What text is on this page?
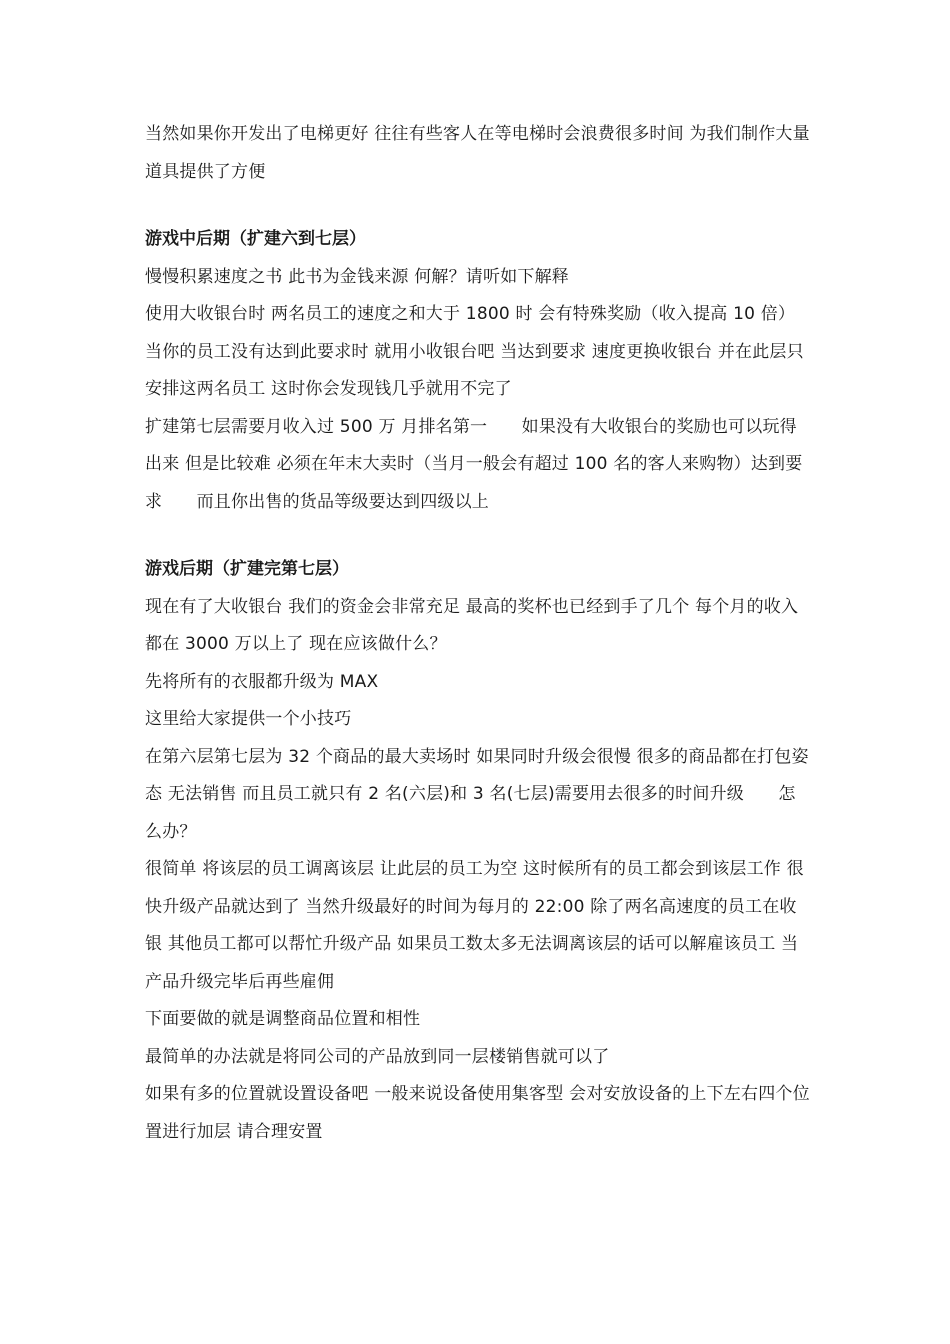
当然如果你开发出了电梯更好 往往有些客人在等电梯时会浪费很多时间 为我们制作大量道具提供了方便

游戏中后期（扩建六到七层）

慢慢积累速度之书 此书为金钱来源 何解？请听如下解释

使用大收银台时 两名员工的速度之和大于 1800 时 会有特殊奖励（收入提高 10 倍）

当你的员工没有达到此要求时 就用小收银台吧 当达到要求 速度更换收银台 并在此层只安排这两名员工 这时你会发现钱几乎就用不完了

扩建第七层需要月收入过 500 万 月排名第一　　如果没有大收银台的奖励也可以玩得出来 但是比较难 必须在年末大卖时（当月一般会有超过 100 名的客人来购物）达到要求　　而且你出售的货品等级要达到四级以上

游戏后期（扩建完第七层）

现在有了大收银台 我们的资金会非常充足 最高的奖杯也已经到手了几个 每个月的收入都在 3000 万以上了 现在应该做什么？

先将所有的衣服都升级为 MAX

这里给大家提供一个小技巧

在第六层第七层为 32 个商品的最大卖场时 如果同时升级会很慢 很多的商品都在打包姿态 无法销售 而且员工就只有 2 名(六层)和 3 名(七层)需要用去很多的时间升级　　怎么办？

很简单 将该层的员工调离该层 让此层的员工为空 这时候所有的员工都会到该层工作 很快升级产品就达到了 当然升级最好的时间为每月的 22:00 除了两名高速度的员工在收银 其他员工都可以帮忙升级产品 如果员工数太多无法调离该层的话可以解雇该员工 当产品升级完毕后再些雇佣

下面要做的就是调整商品位置和相性

最简单的办法就是将同公司的产品放到同一层楼销售就可以了

如果有多的位置就设置设备吧 一般来说设备使用集客型 会对安放设备的上下左右四个位置进行加层 请合理安置
